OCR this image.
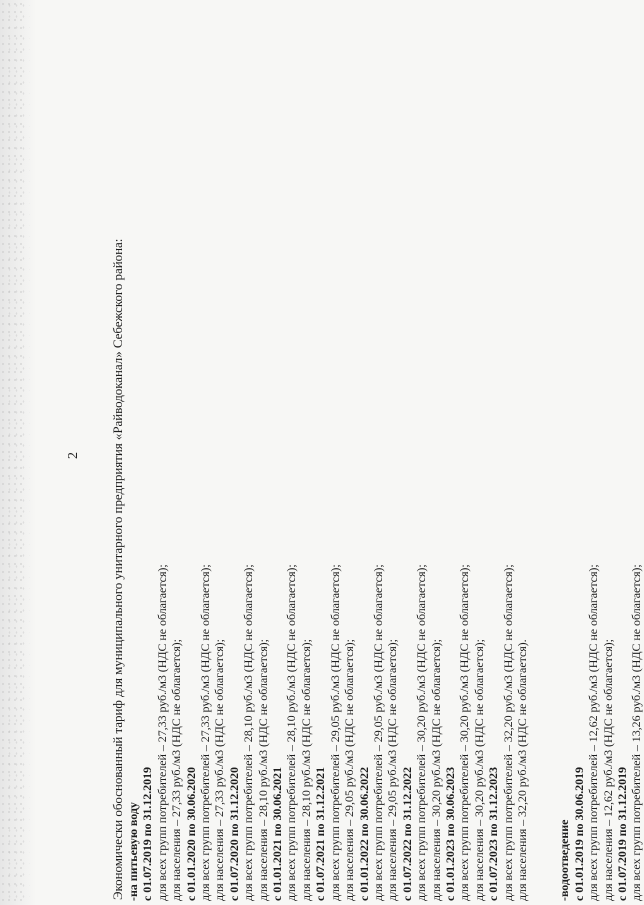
2 Экономически обоснованный тариф для муниципального унитарного предприятия «Райводоканал» Себежского района: -на питьевую воду с 01.07.2019 по 31.12.2019 для всех групп потребителей – 27,33 руб./м3 (НДС не облагается); для населения – 27,33 руб./м3 (НДС не облагается); с 01.01.2020 по 30.06.2020 для всех групп потребителей – 27,33 руб./м3 (НДС не облагается); для населения – 27,33 руб./м3 (НДС не облагается); с 01.07.2020 по 31.12.2020 для всех групп потребителей – 28,10 руб./м3 (НДС не облагается); для населения – 28,10 руб./м3 (НДС не облагается); с 01.01.2021 по 30.06.2021 для всех групп потребителей – 28,10 руб./м3 (НДС не облагается); для населения – 28,10 руб./м3 (НДС не облагается); с 01.07.2021 по 31.12.2021 для всех групп потребителей – 29,05 руб./м3 (НДС не облагается); для населения – 29,05 руб./м3 (НДС не облагается); с 01.01.2022 по 30.06.2022 для всех групп потребителей – 29,05 руб./м3 (НДС не облагается); для населения – 29,05 руб./м3 (НДС не облагается); с 01.07.2022 по 31.12.2022 для всех групп потребителей – 30,20 руб./м3 (НДС не облагается); для населения – 30,20 руб./м3 (НДС не облагается); с 01.01.2023 по 30.06.2023 для всех групп потребителей – 30,20 руб./м3 (НДС не облагается); для населения – 30,20 руб./м3 (НДС не облагается); с 01.07.2023 по 31.12.2023 для всех групп потребителей – 32,20 руб./м3 (НДС не облагается); для населения – 32,20 руб./м3 (НДС не облагается). -водоотведение с 01.01.2019 по 30.06.2019 для всех групп потребителей – 12,62 руб./м3 (НДС не облагается); для населения – 12,62 руб./м3 (НДС не облагается); с 01.07.2019 по 31.12.2019 для всех групп потребителей – 13,26 руб./м3 (НДС не облагается);
